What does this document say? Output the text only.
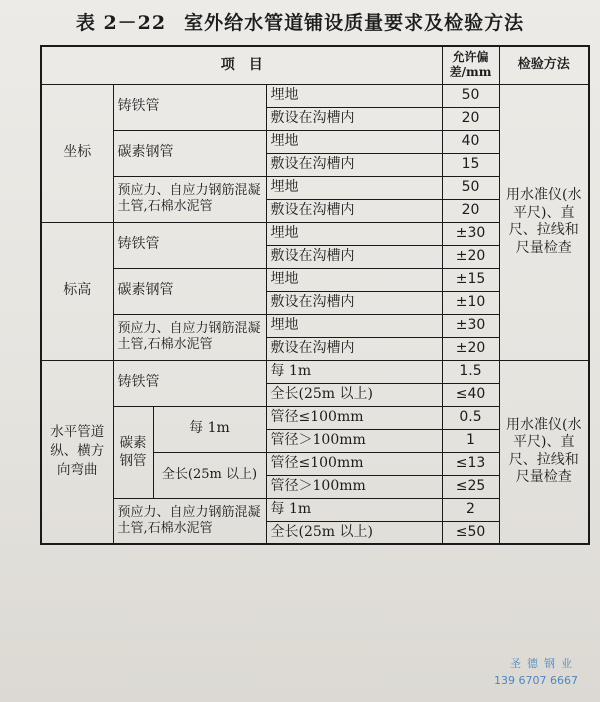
表 2－22 室外给水管道铺设质量要求及检验方法
项　目				允许偏差/mm	检验方法
坐标	铸铁管		埋地	50	用水准仪(水平尺)、直尺、拉线和尺量检查
			敷设在沟槽内	20	
	碳素钢管		埋地	40	
			敷设在沟槽内	15	
	预应力、自应力钢筋混凝土管,石棉水泥管		埋地	50	
			敷设在沟槽内	20	
标高	铸铁管		埋地	±30	
			敷设在沟槽内	±20	
	碳素钢管		埋地	±15	
			敷设在沟槽内	±10	
	预应力、自应力钢筋混凝土管,石棉水泥管		埋地	±30	
			敷设在沟槽内	±20	
水平管道纵、横方向弯曲	铸铁管		每 1m	1.5	用水准仪(水平尺)、直尺、拉线和尺量检查
			全长(25m 以上)	≤40	
	碳素钢管	每 1m	管径≤100mm	0.5	
			管径＞100mm	1	
		全长(25m 以上)	管径≤100mm	≤13	
			管径＞100mm	≤25	
	预应力、自应力钢筋混凝土管,石棉水泥管		每 1m	2	
			全长(25m 以上)	≤50	
圣德钢业
139 6707 6667
